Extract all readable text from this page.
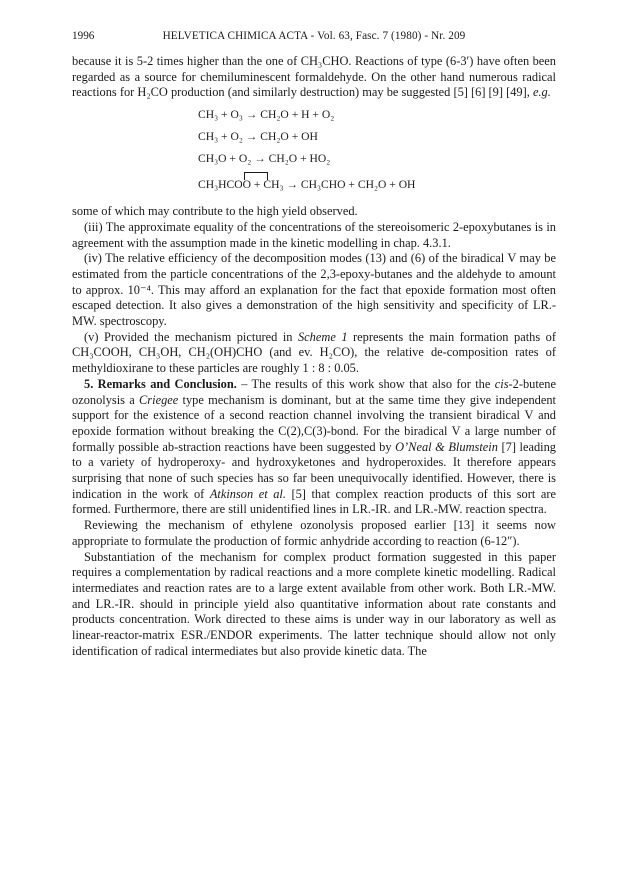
1996	HELVETICA CHIMICA ACTA - Vol. 63, Fasc. 7 (1980) - Nr. 209

because it is 5-2 times higher than the one of CH₃CHO. Reactions of type (6-3′) have often been regarded as a source for chemiluminescent formaldehyde. On the other hand numerous radical reactions for H₂CO production (and similarly destruction) may be suggested [5] [6] [9] [49], e.g.

CH₃ + O₃ → CH₂O + H + O₂
CH₃ + O₂ → CH₂O + OH
CH₃O + O₂ → CH₂O + HO₂
CH₃HCOO + CH₃ → CH₃CHO + CH₂O + OH

some of which may contribute to the high yield observed.

(iii) The approximate equality of the concentrations of the stereoisomeric 2-epoxybutanes is in agreement with the assumption made in the kinetic modelling in chap. 4.3.1.

(iv) The relative efficiency of the decomposition modes (13) and (6) of the biradical V may be estimated from the particle concentrations of the 2,3-epoxy-butanes and the aldehyde to amount to approx. 10⁻⁴. This may afford an explanation for the fact that epoxide formation most often escaped detection. It also gives a demonstration of the high sensitivity and specificity of LR.-MW. spectroscopy.

(v) Provided the mechanism pictured in Scheme 1 represents the main formation paths of CH₃COOH, CH₃OH, CH₂(OH)CHO (and ev. H₂CO), the relative de-composition rates of methyldioxirane to these particles are roughly 1 : 8 : 0.05.

5. Remarks and Conclusion. – The results of this work show that also for the cis-2-butene ozonolysis a Criegee type mechanism is dominant, but at the same time they give independent support for the existence of a second reaction channel involving the transient biradical V and epoxide formation without breaking the C(2),C(3)-bond. For the biradical V a large number of formally possible ab-straction reactions have been suggested by O’Neal & Blumstein [7] leading to a variety of hydroperoxy- and hydroxyketones and hydroperoxides. It therefore appears surprising that none of such species has so far been unequivocally identified. However, there is indication in the work of Atkinson et al. [5] that complex reaction products of this sort are formed. Furthermore, there are still unidentified lines in LR.-IR. and LR.-MW. reaction spectra.

Reviewing the mechanism of ethylene ozonolysis proposed earlier [13] it seems now appropriate to formulate the production of formic anhydride according to reaction (6-12″).

Substantiation of the mechanism for complex product formation suggested in this paper requires a complementation by radical reactions and a more complete kinetic modelling. Radical intermediates and reaction rates are to a large extent available from other work. Both LR.-MW. and LR.-IR. should in principle yield also quantitative information about rate constants and products concentration. Work directed to these aims is under way in our laboratory as well as linear-reactor-matrix ESR./ENDOR experiments. The latter technique should allow not only identification of radical intermediates but also provide kinetic data. The
